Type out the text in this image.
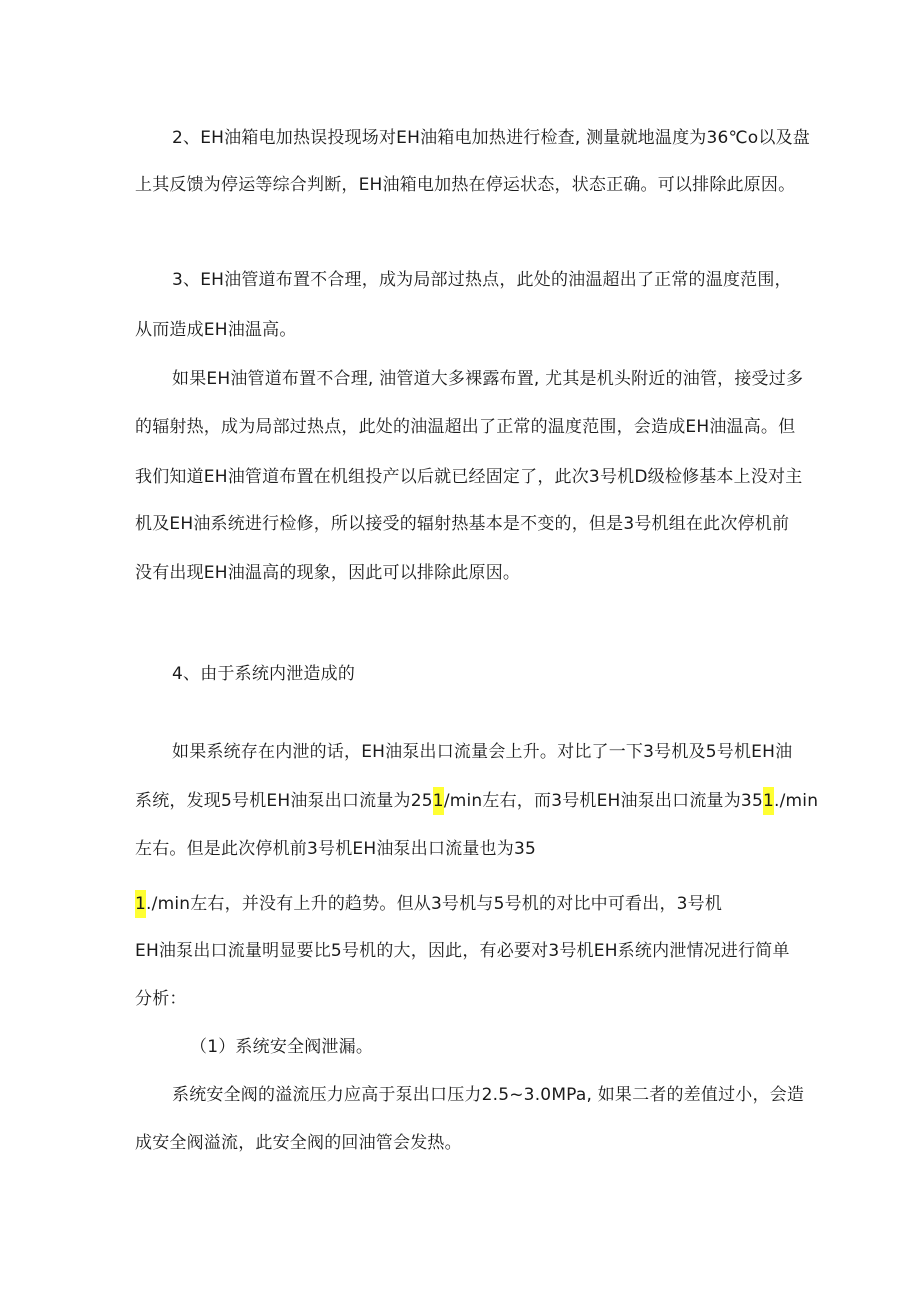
2、EH油箱电加热误投现场对EH油箱电加热进行检查, 测量就地温度为36℃o以及盘
上其反馈为停运等综合判断，EH油箱电加热在停运状态，状态正确。可以排除此原因。
3、EH油管道布置不合理，成为局部过热点，此处的油温超出了正常的温度范围，
从而造成EH油温高。
如果EH油管道布置不合理, 油管道大多裸露布置, 尤其是机头附近的油管，接受过多
的辐射热，成为局部过热点，此处的油温超出了正常的温度范围，会造成EH油温高。但
我们知道EH油管道布置在机组投产以后就已经固定了，此次3号机D级检修基本上没对主
机及EH油系统进行检修，所以接受的辐射热基本是不变的，但是3号机组在此次停机前
没有出现EH油温高的现象，因此可以排除此原因。
4、由于系统内泄造成的
如果系统存在内泄的话，EH油泵出口流量会上升。对比了一下3号机及5号机EH油
系统，发现5号机EH油泵出口流量为251/min左右，而3号机EH油泵出口流量为351./min
左右。但是此次停机前3号机EH油泵出口流量也为35
1./min左右，并没有上升的趋势。但从3号机与5号机的对比中可看出，3号机
EH油泵出口流量明显要比5号机的大，因此，有必要对3号机EH系统内泄情况进行简单
分析：
（1）系统安全阀泄漏。
系统安全阀的溢流压力应高于泵出口压力2.5~3.0MPa, 如果二者的差值过小，会造
成安全阀溢流，此安全阀的回油管会发热。
